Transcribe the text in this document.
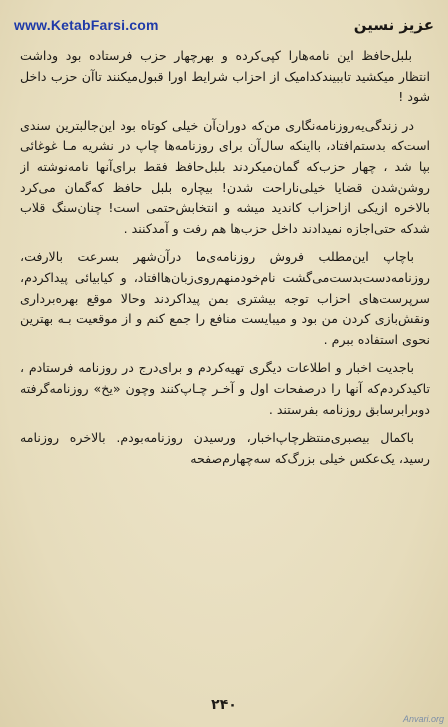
www.KetabFarsi.com	عزیز نسین

بلبل‌حافظ این نامه‌هارا کپی‌کرده و بهرچهار حزب فرستاده بود وداشت انتظار میکشید تاببیندکدامیک از احزاب شرایط اورا قبول‌میکنند تاآن حزب داخل شود !

در زندگی‌یه‌روزنامه‌نگاری من‌که دوران‌آن خیلی کوتاه بود این‌جالبترین سندی است‌که بدستم‌افتاد، بااینکه سال‌آن برای روزنامه‌ها چاپ در نشریه مـا غوغائی بپا شد ، چهار حزب‌که گمان‌میکردند بلبل‌حافظ فقط برای‌آنها نامه‌نوشته از روشن‌شدن قضایا خیلی‌ناراحت شدن! بیچاره بلبل حافظ که‌گمان می‌کرد بالاخره ازیکی ازاحزاب کاندید میشه و انتخابش‌حتمی است! چنان‌سنگ قلاب شدکه حتی‌اجازه نمیدادند داخل حزب‌ها هم رفت و آمدکنند .

باچاپ این‌مطلب فروش روزنامه‌ی‌ما در‌آن‌شهر بسرعت بالارفت، روزنامه‌دست‌بدست‌می‌گشت نام‌خودمنهم‌روی‌زبان‌ها‌افتاد، و کیا‌بیائی پیداکردم، سرپرست‌های احزاب توجه بیشتری بمن پیداکردند وحالا موقع بهره‌برداری ونقش‌بازی کردن من بود و میبایست منافع را جمع کنم و از موقعیت بـه بهترین نحوی استفاده ببرم .

باجدیت اخبار و اطلاعات دیگری تهیه‌کردم و برای‌درج در روزنامه فرستادم ، تاکیدکردم‌که آنها را درصفحات اول و آخـر چـاپ‌کنند وچون «یخ» روزنامه‌گرفته دوبرابرسابق روزنامه بفرستند .

باکمال بیصبری‌منتظر‌چاپ‌اخبار، ورسیدن روزنامه‌بودم. بالاخره روزنامه رسید، یک‌عکس خیلی بزرگ‌که سه‌چهارم‌صفحه

۲۴۰
Anvari.org
